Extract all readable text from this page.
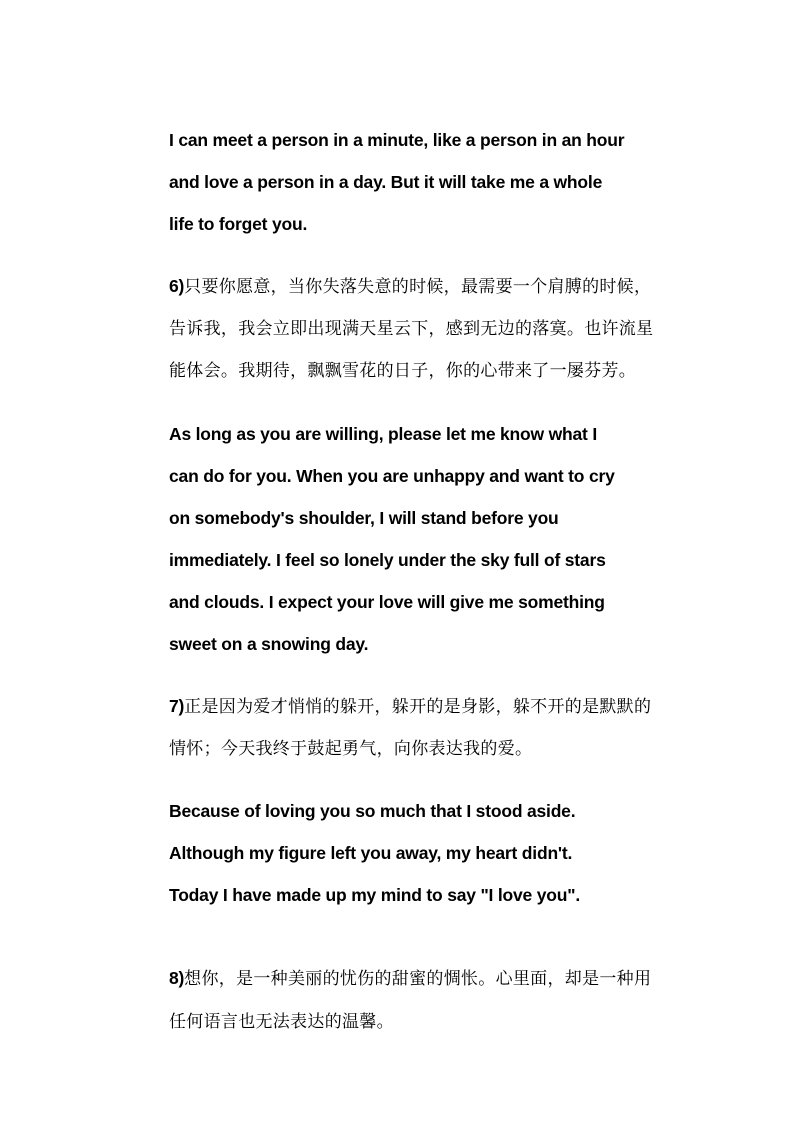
I can meet a person in a minute, like a person in an hour
and love a person in a day. But it will take me a whole
life to forget you.
6)只要你愿意，当你失落失意的时候，最需要一个肩膊的时候，
告诉我，我会立即出现满天星云下，感到无边的落寞。也许流星
能体会。我期待，飘飘雪花的日子，你的心带来了一屡芬芳。
As long as you are willing, please let me know what I
can do for you. When you are unhappy and want to cry
on somebody's shoulder, I will stand before you
immediately. I feel so lonely under the sky full of stars
and clouds. I expect your love will give me something
sweet on a snowing day.
7)正是因为爱才悄悄的躲开，躲开的是身影，躲不开的是默默的
情怀；今天我终于鼓起勇气，向你表达我的爱。
Because of loving you so much that I stood aside.
Although my figure left you away, my heart didn't.
Today I have made up my mind to say "I love you".
8)想你，是一种美丽的忧伤的甜蜜的惆怅。心里面，却是一种用
任何语言也无法表达的温馨。
